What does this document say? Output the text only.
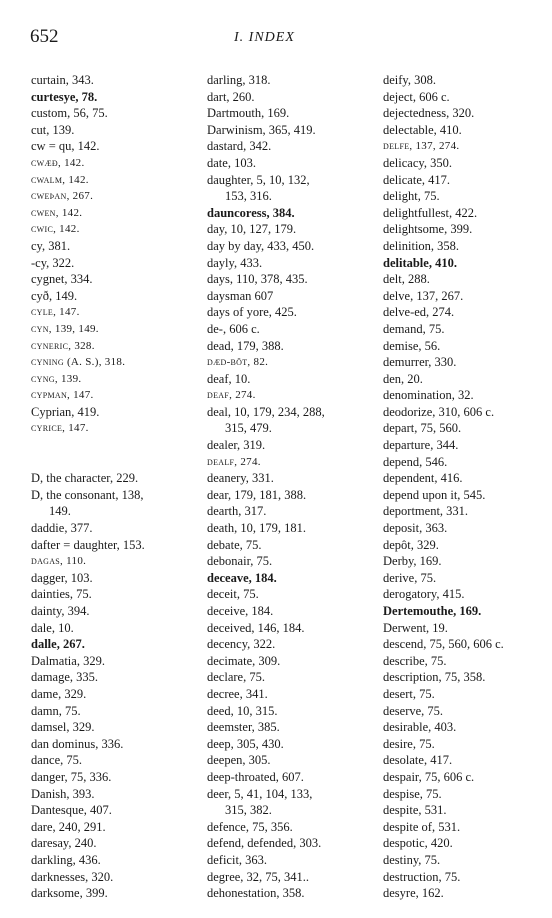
652	I. INDEX
curtain, 343.
curtesye, 78.
custom, 56, 75.
cut, 139.
cw = qu, 142.
cwæð, 142.
cwalm, 142.
cweþan, 267.
cwen, 142.
cwic, 142.
cy, 381.
-cy, 322.
cygnet, 334.
cyð, 149.
cyle, 147.
cyn, 139, 149.
cyneric, 328.
cyning (A. S.), 318.
cyng, 139.
cypman, 147.
Cyprian, 419.
cyrice, 147.
D, the character, 229.
D, the consonant, 138,
149.
daddie, 377.
dafter = daughter, 153.
dagas, 110.
dagger, 103.
dainties, 75.
dainty, 394.
dale, 10.
dalle, 267.
Dalmatia, 329.
damage, 335.
dame, 329.
damn, 75.
damsel, 329.
dan dominus, 336.
dance, 75.
danger, 75, 336.
Danish, 393.
Dantesque, 407.
dare, 240, 291.
daresay, 240.
darkling, 436.
darknesses, 320.
darksome, 399.
darling, 318.
dart, 260.
Dartmouth, 169.
Darwinism, 365, 419.
dastard, 342.
date, 103.
daughter, 5, 10, 132,
153, 316.
dauncoress, 384.
day, 10, 127, 179.
day by day, 433, 450.
dayly, 433.
days, 110, 378, 435.
daysman 607
days of yore, 425.
de-, 606 c.
dead, 179, 388.
dæd-bōt, 82.
deaf, 10.
deaf, 274.
deal, 10, 179, 234, 288,
315, 479.
dealer, 319.
dealf, 274.
deanery, 331.
dear, 179, 181, 388.
dearth, 317.
death, 10, 179, 181.
debate, 75.
debonair, 75.
deceave, 184.
deceit, 75.
deceive, 184.
deceived, 146, 184.
decency, 322.
decimate, 309.
declare, 75.
decree, 341.
deed, 10, 315.
deemster, 385.
deep, 305, 430.
deepen, 305.
deep-throated, 607.
deer, 5, 41, 104, 133,
315, 382.
defence, 75, 356.
defend, defended, 303.
deficit, 363.
degree, 32, 75, 341..
dehonestation, 358.
deify, 308.
deject, 606 c.
dejectedness, 320.
delectable, 410.
delfe, 137, 274.
delicacy, 350.
delicate, 417.
delight, 75.
delightfullest, 422.
delightsome, 399.
delinition, 358.
delitable, 410.
delt, 288.
delve, 137, 267.
delve-ed, 274.
demand, 75.
demise, 56.
demurrer, 330.
den, 20.
denomination, 32.
deodorize, 310, 606 c.
depart, 75, 560.
departure, 344.
depend, 546.
dependent, 416.
depend upon it, 545.
deportment, 331.
deposit, 363.
depôt, 329.
Derby, 169.
derive, 75.
derogatory, 415.
Dertemouthe, 169.
Derwent, 19.
descend, 75, 560, 606 c.
describe, 75.
description, 75, 358.
desert, 75.
deserve, 75.
desirable, 403.
desire, 75.
desolate, 417.
despair, 75, 606 c.
despise, 75.
despite, 531.
despite of, 531.
despotic, 420.
destiny, 75.
destruction, 75.
desyre, 162.
